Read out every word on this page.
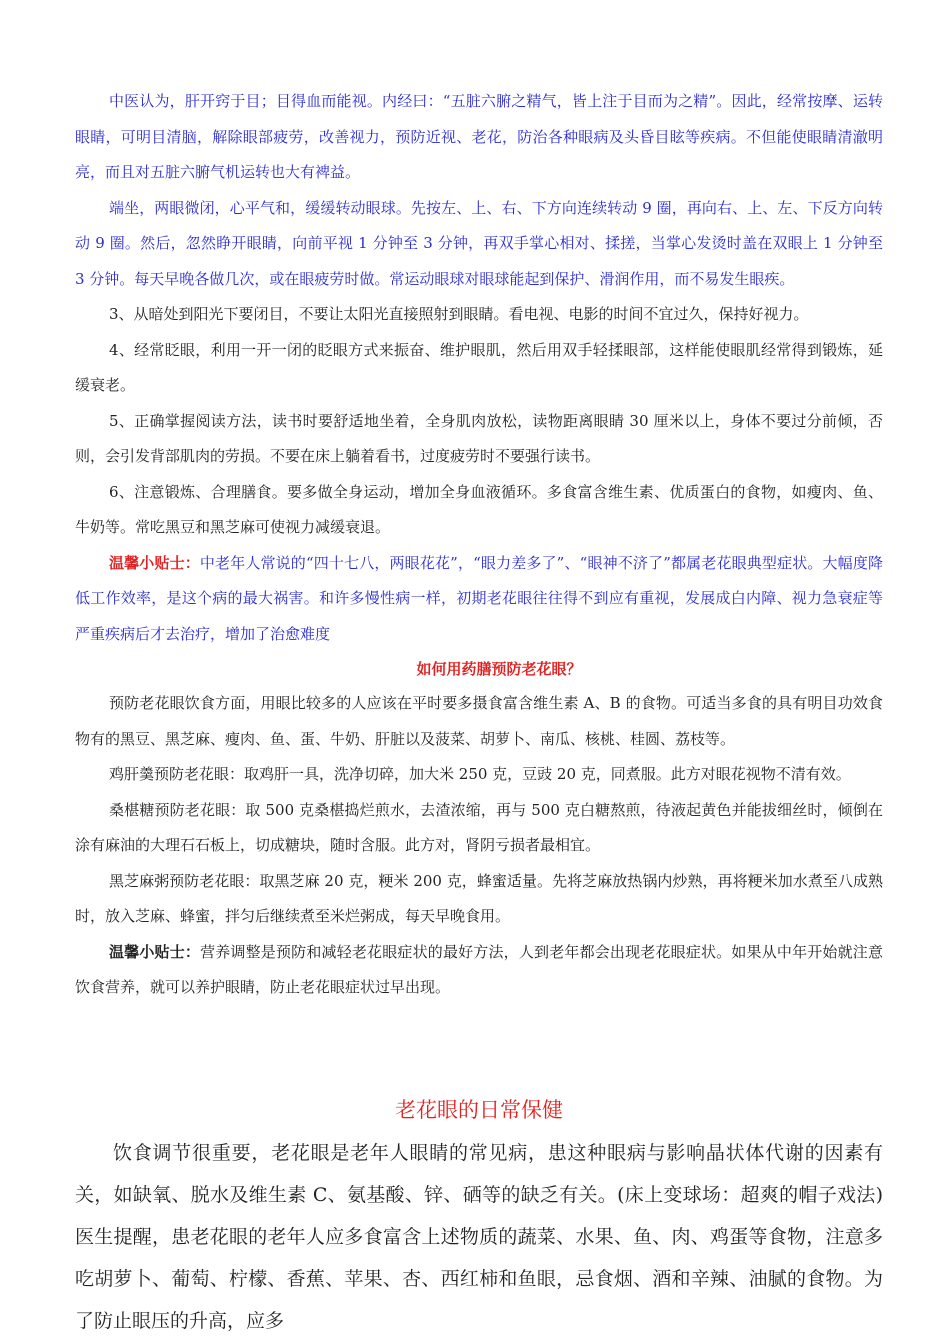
中医认为，肝开窍于目；目得血而能视。内经曰：“五脏六腑之精气，皆上注于目而为之精”。因此，经常按摩、运转眼睛，可明目清脑，解除眼部疲劳，改善视力，预防近视、老花，防治各种眼病及头昏目眩等疾病。不但能使眼睛清澈明亮，而且对五脏六腑气机运转也大有裨益。

端坐，两眼微闭，心平气和，缓缓转动眼球。先按左、上、右、下方向连续转动 9 圈，再向右、上、左、下反方向转动 9 圈。然后，忽然睁开眼睛，向前平视 1 分钟至 3 分钟，再双手掌心相对、揉搓，当掌心发烫时盖在双眼上 1 分钟至 3 分钟。每天早晚各做几次，或在眼疲劳时做。常运动眼球对眼球能起到保护、滑润作用，而不易发生眼疾。

3、从暗处到阳光下要闭目，不要让太阳光直接照射到眼睛。看电视、电影的时间不宜过久，保持好视力。

4、经常眨眼，利用一开一闭的眨眼方式来振奋、维护眼肌，然后用双手轻揉眼部，这样能使眼肌经常得到锻炼，延缓衰老。

5、正确掌握阅读方法，读书时要舒适地坐着，全身肌肉放松，读物距离眼睛 30 厘米以上，身体不要过分前倾，否则，会引发背部肌肉的劳损。不要在床上躺着看书，过度疲劳时不要强行读书。

6、注意锻炼、合理膳食。要多做全身运动，增加全身血液循环。多食富含维生素、优质蛋白的食物，如瘦肉、鱼、牛奶等。常吃黑豆和黑芝麻可使视力减缓衰退。

温馨小贴士：中老年人常说的“四十七八，两眼花花”，“眼力差多了”、“眼神不济了”都属老花眼典型症状。大幅度降低工作效率，是这个病的最大祸害。和许多慢性病一样，初期老花眼往往得不到应有重视，发展成白内障、视力急衰症等严重疾病后才去治疗，增加了治愈难度

如何用药膳预防老花眼？

预防老花眼饮食方面，用眼比较多的人应该在平时要多摄食富含维生素 A、B 的食物。可适当多食的具有明目功效食物有的黑豆、黑芝麻、瘦肉、鱼、蛋、牛奶、肝脏以及菠菜、胡萝卜、南瓜、核桃、桂圆、荔枝等。

鸡肝羹预防老花眼：取鸡肝一具，洗净切碎，加大米 250 克，豆豉 20 克，同煮服。此方对眼花视物不清有效。

桑椹糖预防老花眼：取 500 克桑椹捣烂煎水，去渣浓缩，再与 500 克白糖熬煎，待液起黄色并能拔细丝时，倾倒在涂有麻油的大理石石板上，切成糖块，随时含服。此方对，肾阴亏损者最相宜。

黑芝麻粥预防老花眼：取黑芝麻 20 克，粳米 200 克，蜂蜜适量。先将芝麻放热锅内炒熟，再将粳米加水煮至八成熟时，放入芝麻、蜂蜜，拌匀后继续煮至米烂粥成，每天早晚食用。

温馨小贴士：营养调整是预防和减轻老花眼症状的最好方法，人到老年都会出现老花眼症状。如果从中年开始就注意饮食营养，就可以养护眼睛，防止老花眼症状过早出现。

老花眼的日常保健

饮食调节很重要，老花眼是老年人眼睛的常见病，患这种眼病与影响晶状体代谢的因素有关，如缺氧、脱水及维生素 C、氨基酸、锌、硒等的缺乏有关。(床上变球场：超爽的帽子戏法)医生提醒，患老花眼的老年人应多食富含上述物质的蔬菜、水果、鱼、肉、鸡蛋等食物，注意多吃胡萝卜、葡萄、柠檬、香蕉、苹果、杏、西红柿和鱼眼，忌食烟、酒和辛辣、油腻的食物。为了防止眼压的升高，应多
